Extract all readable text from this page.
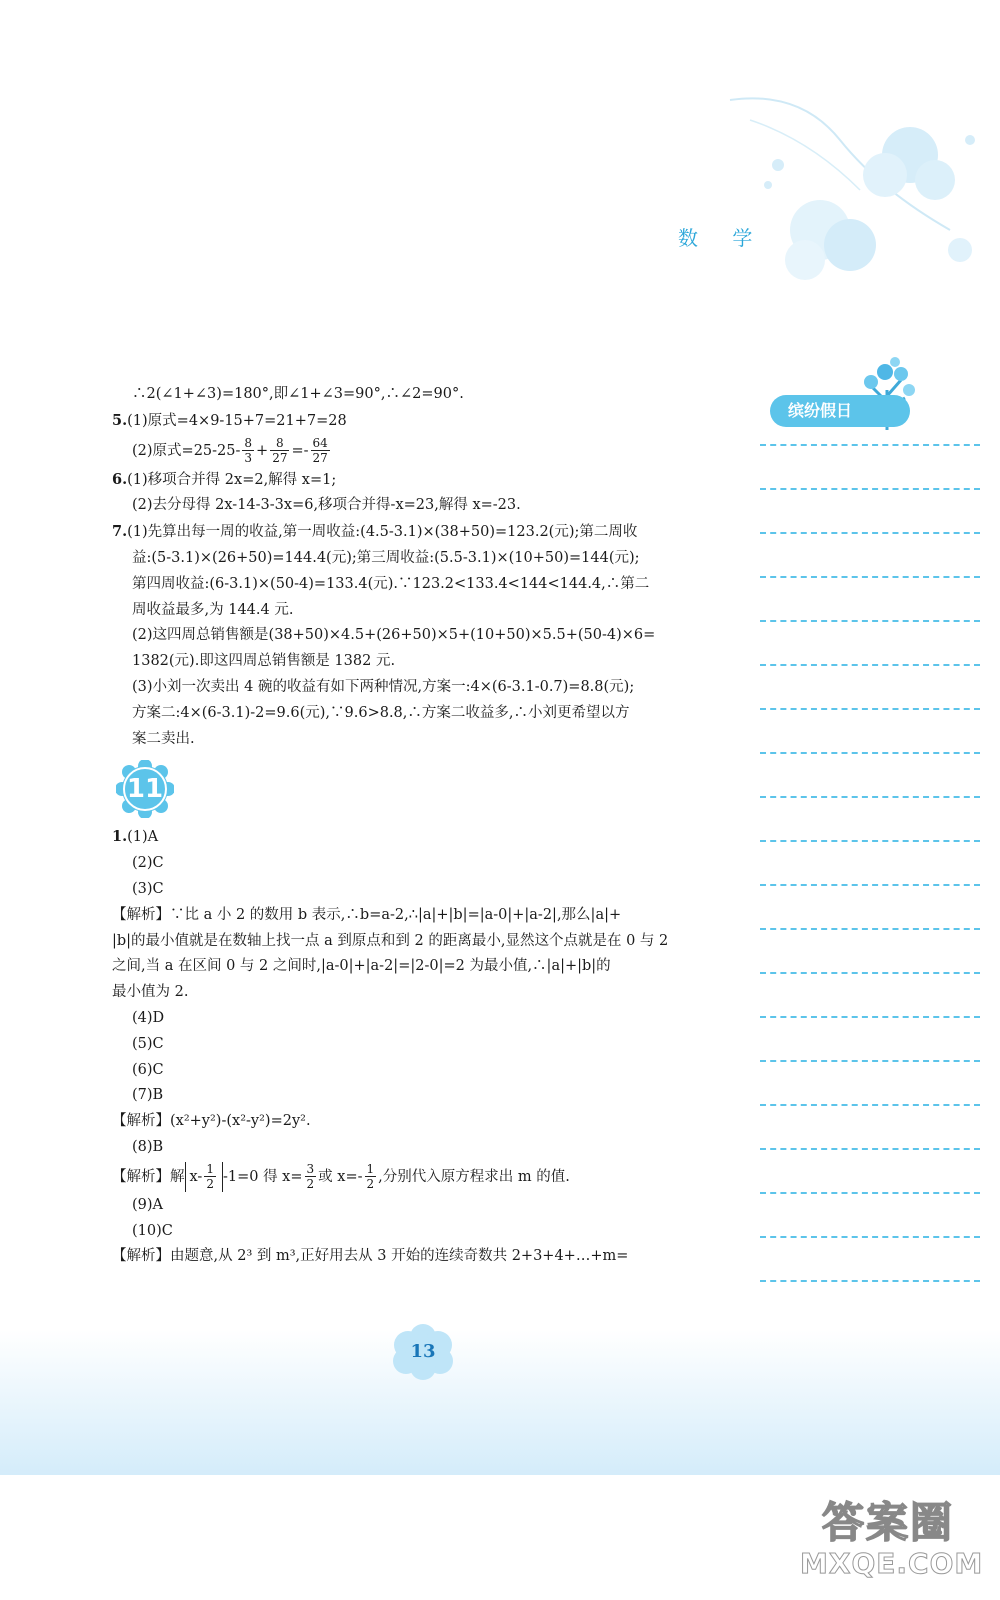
数 学
缤纷假日
∴2(∠1+∠3)=180°,即∠1+∠3=90°,∴∠2=90°.
5.(1)原式=4×9-15+7=21+7=28
(2)原式$=25-25- \frac{8}{3} + \frac{8}{27} =- \frac{64}{27}$
6.(1)移项合并得 2x=2,解得 x=1;
(2)去分母得 2x-14-3-3x=6,移项合并得-x=23,解得 x=-23.
7.(1)先算出每一周的收益,第一周收益:(4.5-3.1)×(38+50)=123.2(元);第二周收
益:(5-3.1)×(26+50)=144.4(元);第三周收益:(5.5-3.1)×(10+50)=144(元);
第四周收益:(6-3.1)×(50-4)=133.4(元).∵123.2<133.4<144<144.4,∴第二
周收益最多,为 144.4 元.
(2)这四周总销售额是(38+50)×4.5+(26+50)×5+(10+50)×5.5+(50-4)×6=
1382(元).即这四周总销售额是 1382 元.
(3)小刘一次卖出 4 碗的收益有如下两种情况,方案一:4×(6-3.1-0.7)=8.8(元);
方案二:4×(6-3.1)-2=9.6(元),∵9.6>8.8,∴方案二收益多,∴小刘更希望以方
案二卖出.
11
1.(1)A
(2)C
(3)C
【解析】∵比 a 小 2 的数用 b 表示,∴b=a-2,∴|a|+|b|=|a-0|+|a-2|,那么|a|+
|b|的最小值就是在数轴上找一点 a 到原点和到 2 的距离最小,显然这个点就是在 0 与 2
之间,当 a 在区间 0 与 2 之间时,|a-0|+|a-2|=|2-0|=2 为最小值,∴|a|+|b|的
最小值为 2.
(4)D
(5)C
(6)C
(7)B
【解析】(x²+y²)-(x²-y²)=2y².
(8)B
【解析】解 $x- \frac{1}{2} -1=0$ 得 $x= \frac{3}{2}$ 或 $x=- \frac{1}{2}$ ,分别代入原方程求出 m 的值.
(9)A
(10)C
【解析】由题意,从 2³ 到 m³,正好用去从 3 开始的连续奇数共 2+3+4+…+m=
13
答案圈
MXQE.COM
